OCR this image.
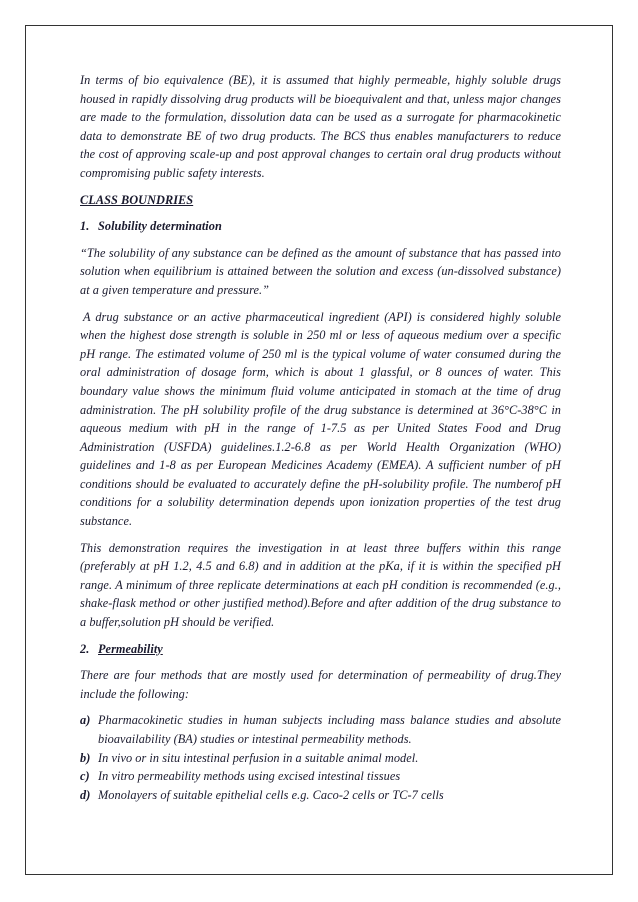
In terms of bio equivalence (BE), it is assumed that highly permeable, highly soluble drugs housed in rapidly dissolving drug products will be bioequivalent and that, unless major changes are made to the formulation, dissolution data can be used as a surrogate for pharmacokinetic data to demonstrate BE of two drug products. The BCS thus enables manufacturers to reduce the cost of approving scale-up and post approval changes to certain oral drug products without compromising public safety interests.

CLASS BOUNDRIES
1. Solubility determination

“The solubility of any substance can be defined as the amount of substance that has passed into solution when equilibrium is attained between the solution and excess (un-dissolved substance) at a given temperature and pressure.”

A drug substance or an active pharmaceutical ingredient (API) is considered highly soluble when the highest dose strength is soluble in 250 ml or less of aqueous medium over a specific pH range. The estimated volume of 250 ml is the typical volume of water consumed during the oral administration of dosage form, which is about 1 glassful, or 8 ounces of water. This boundary value shows the minimum fluid volume anticipated in stomach at the time of drug administration. The pH solubility profile of the drug substance is determined at 36°C-38°C in aqueous medium with pH in the range of 1-7.5 as per United States Food and Drug Administration (USFDA) guidelines.1.2-6.8 as per World Health Organization (WHO) guidelines and 1-8 as per European Medicines Academy (EMEA). A sufficient number of pH conditions should be evaluated to accurately define the pH-solubility profile. The numberof pH conditions for a solubility determination depends upon ionization properties of the test drug substance.

This demonstration requires the investigation in at least three buffers within this range (preferably at pH 1.2, 4.5 and 6.8) and in addition at the pKa, if it is within the specified pH range. A minimum of three replicate determinations at each pH condition is recommended (e.g., shake-flask method or other justified method).Before and after addition of the drug substance to a buffer,solution pH should be verified.

2. Permeability

There are four methods that are mostly used for determination of permeability of drug.They include the following:

a) Pharmacokinetic studies in human subjects including mass balance studies and absolute bioavailability (BA) studies or intestinal permeability methods.
b) In vivo or in situ intestinal perfusion in a suitable animal model.
c) In vitro permeability methods using excised intestinal tissues
d) Monolayers of suitable epithelial cells e.g. Caco-2 cells or TC-7 cells
